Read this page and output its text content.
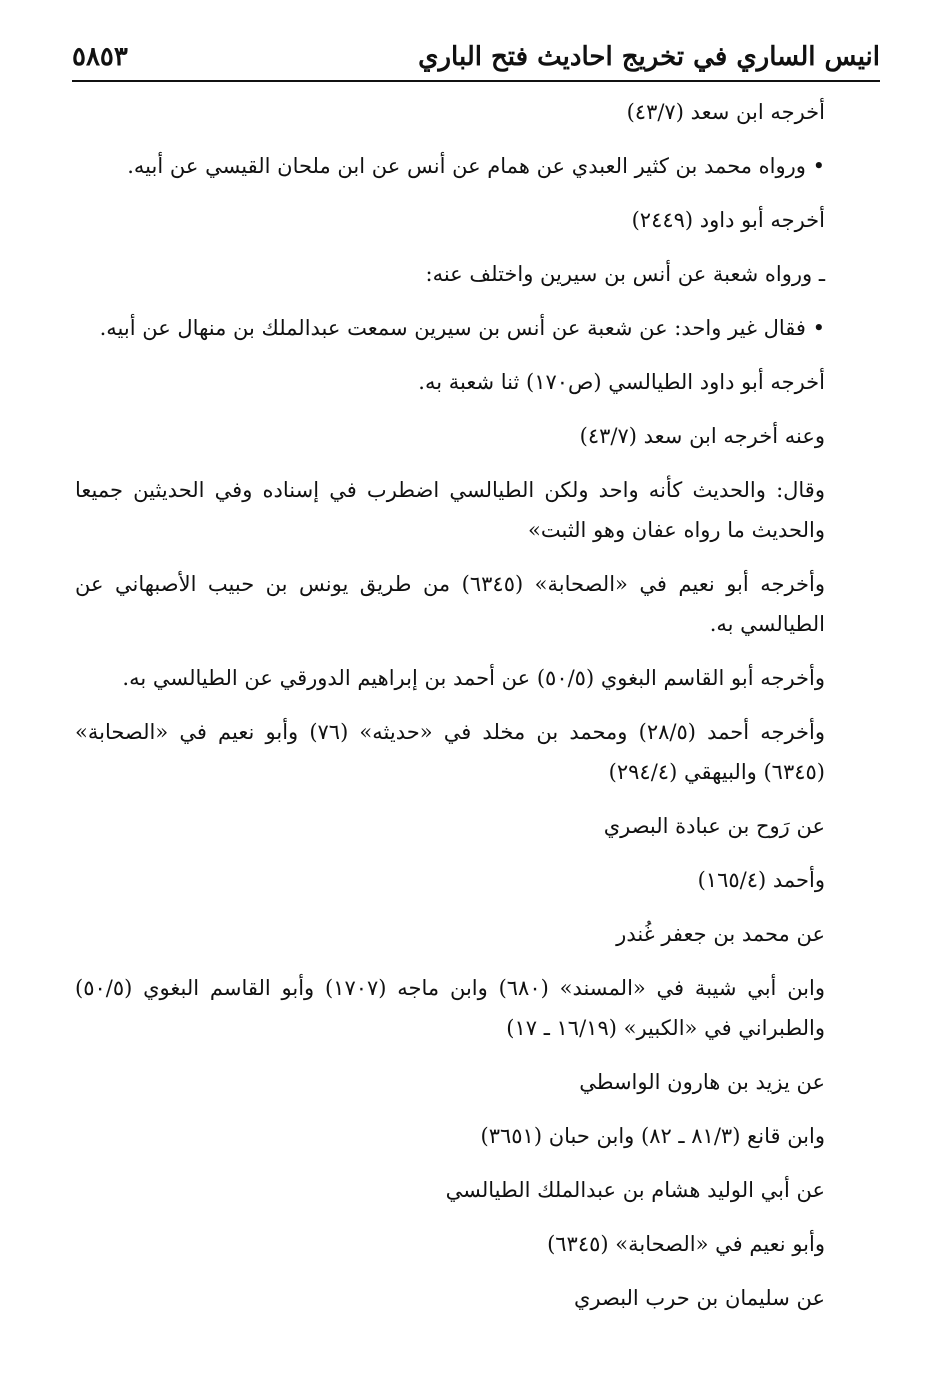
٥٨٥٣	انيس الساري في تخريج احاديث فتح الباري

أخرجه ابن سعد (٤٣/٧)

• ورواه محمد بن كثير العبدي عن همام عن أنس عن ابن ملحان القيسي عن أبيه.

أخرجه أبو داود (٢٤٤٩)

ـ ورواه شعبة عن أنس بن سيرين واختلف عنه:

• فقال غير واحد: عن شعبة عن أنس بن سيرين سمعت عبدالملك بن منهال عن أبيه.

أخرجه أبو داود الطيالسي (ص١٧٠) ثنا شعبة به.

وعنه أخرجه ابن سعد (٤٣/٧)

وقال: والحديث كأنه واحد ولكن الطيالسي اضطرب في إسناده وفي الحديثين جميعا والحديث ما رواه عفان وهو الثبت»

وأخرجه أبو نعيم في «الصحابة» (٦٣٤٥) من طريق يونس بن حبيب الأصبهاني عن الطيالسي به.

وأخرجه أبو القاسم البغوي (٥٠/٥) عن أحمد بن إبراهيم الدورقي عن الطيالسي به.

وأخرجه أحمد (٢٨/٥) ومحمد بن مخلد في «حديثه» (٧٦) وأبو نعيم في «الصحابة» (٦٣٤٥) والبيهقي (٢٩٤/٤)

عن رَوح بن عبادة البصري

وأحمد (١٦٥/٤)

عن محمد بن جعفر غُندر

وابن أبي شيبة في «المسند» (٦٨٠) وابن ماجه (١٧٠٧) وأبو القاسم البغوي (٥٠/٥) والطبراني في «الكبير» (١٦/١٩ ـ ١٧)

عن يزيد بن هارون الواسطي

وابن قانع (٨١/٣ ـ ٨٢) وابن حبان (٣٦٥١)

عن أبي الوليد هشام بن عبدالملك الطيالسي

وأبو نعيم في «الصحابة» (٦٣٤٥)

عن سليمان بن حرب البصري
